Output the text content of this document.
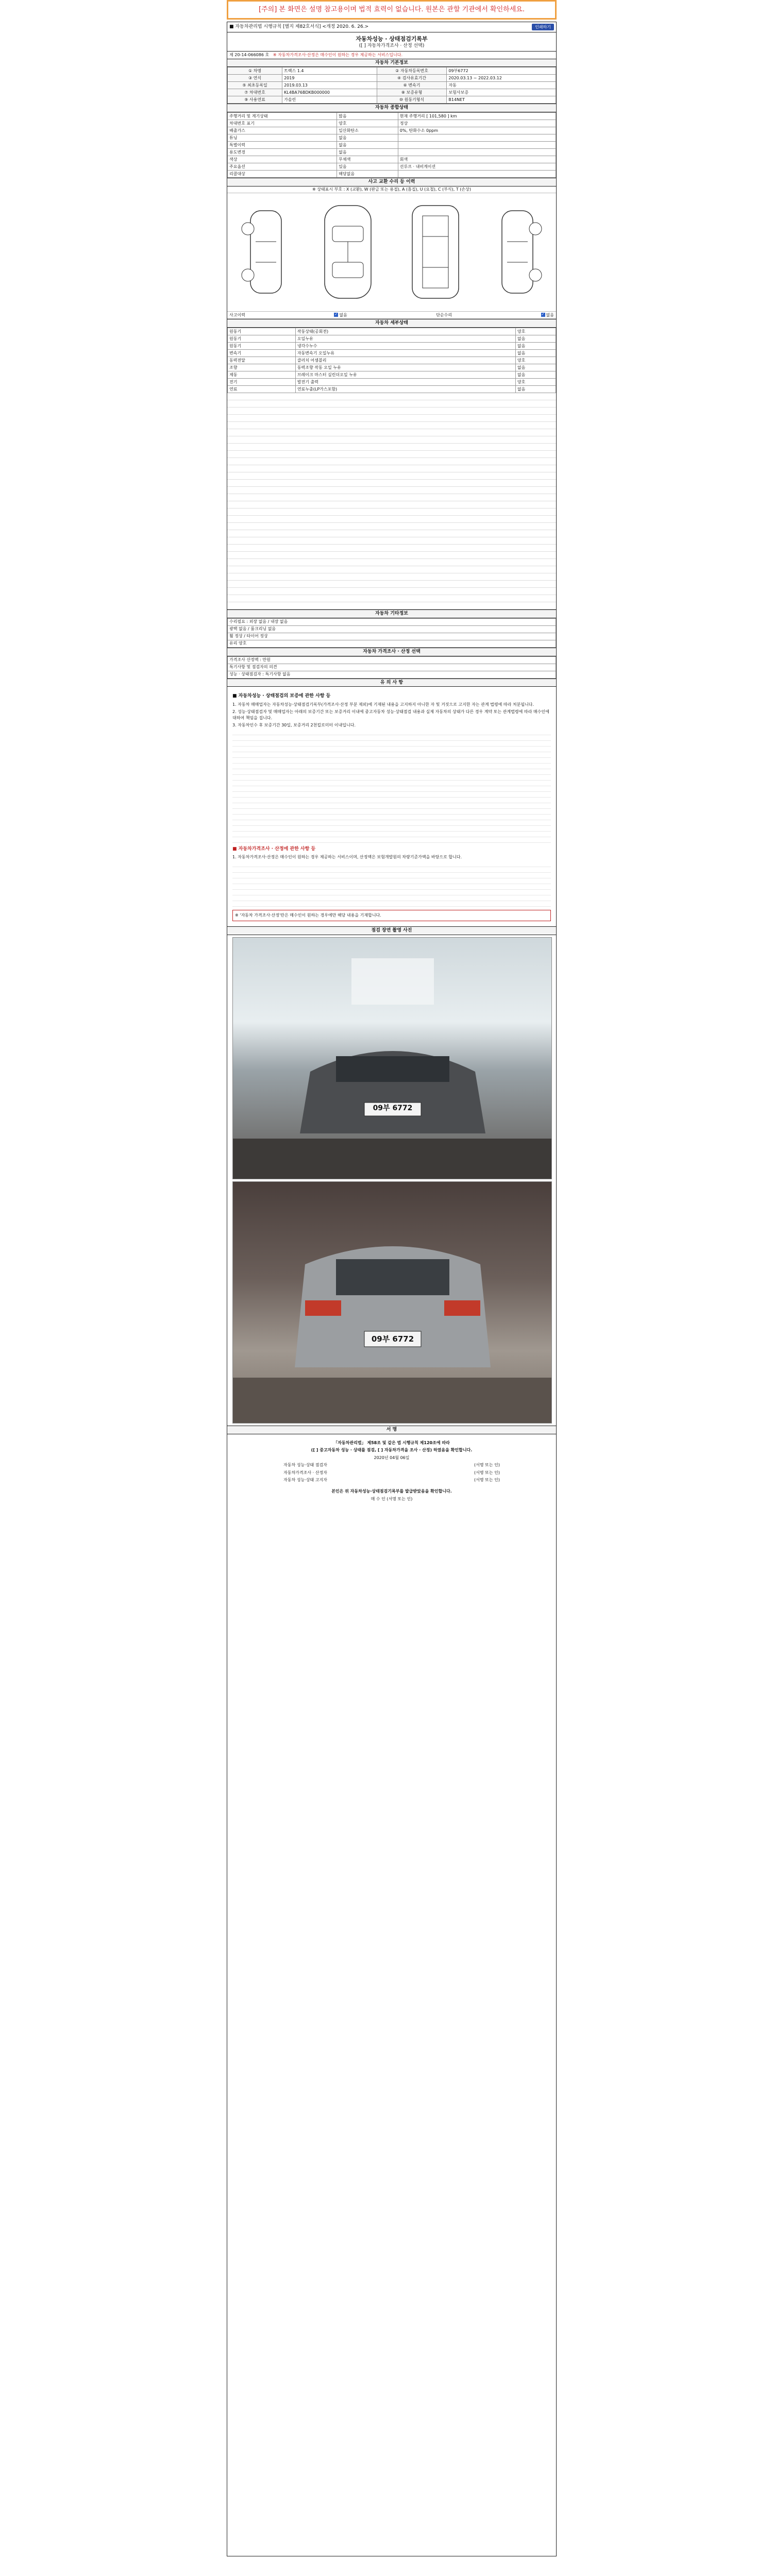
[주의] 본 화면은 설명 참고용이며 법적 효력이 없습니다. 원본은 관할 기관에서 확인하세요.
■ 자동차관리법 시행규칙 [별지 제82호서식] <개정 2020. 6. 26.>	인쇄하기
자동차성능 · 상태점검기록부
([ ] 자동차가격조사 · 산정 선택)
제 20-14-066086 호 ※ 자동차가격조사·산정은 매수인이 원하는 경우 제공하는 서비스입니다.
자동차 기본정보
① 차명	트랙스 1.4	② 자동차등록번호	09부6772
③ 연식	2019	④ 검사유효기간	2020.03.13 ~ 2022.03.12
⑤ 최초등록일	2019.03.13	⑥ 변속기	자동
⑦ 차대번호	KL4BA76BDKB000000	⑧ 보증유형	보험사보증
⑨ 사용연료	가솔린	⑩ 원동기형식	B14NET
자동차 종합상태
주행거리 및 계기상태	많음	현재 주행거리 [ 101,580 ] km
차대번호 표기	양호	정상
배출가스	일산화탄소	0%, 탄화수소 0ppm
튜닝	없음	
특별이력	없음	
용도변경	없음	
색상	무채색	회색
주요옵션	있음	선루프 · 내비게이션
리콜대상	해당없음	
사고 교환 수리 등 이력
※ 상태표시 부호 : X (교환), W (판금 또는 용접), A (흠집), U (요철), C (부식), T (손상)
사고이력 ✓	없음	단순수리 ✓	없음
자동차 세부상태
원동기	작동상태(공회전)	양호
원동기	오일누유	없음
원동기	냉각수누수	없음
변속기	자동변속기 오일누유	없음
동력전달	클러치 어셈블리	양호
조향	동력조향 작동 오일 누유	없음
제동	브레이크 마스터 실린더오일 누유	없음
전기	발전기 출력	양호
연료	연료누출(LP가스포함)	없음
자동차 기타정보
수리필요 : 외장 없음 / 내장 없음
광택 없음 / 룸크리닝 없음
휠 정상 / 타이어 정상
유리 양호
자동차 가격조사 · 산정 선택
가격조사 산정액 : 만원
특기사항 및 점검자의 의견
성능 · 상태점검자 : 특기사항 없음
유 의 사 항
■ 자동차성능 · 상태점검의 보증에 관한 사항 등

1. 자동차 매매업자는 자동차성능·상태점검기록부(가격조사·산정 부분 제외)에 기재된 내용을 고지하지 아니한 자 및 거짓으로 고지한 자는 관계 법령에 따라 처분됩니다.

2. 성능·상태점검자 및 매매업자는 아래의 보증기간 또는 보증거리 이내에 중고자동차 성능·상태점검 내용과 실제 자동차의 상태가 다른 경우 계약 또는 관계법령에 따라 매수인에 대하여 책임을 집니다.

3. 자동차인수 후 보증기간 30일, 보증거리 2천킬로미터 이내입니다.

■ 자동차가격조사 · 산정에 관한 사항 등

1. 자동차가격조사·산정은 매수인이 원하는 경우 제공하는 서비스이며, 산정액은 보험개발원의 차량기준가액을 바탕으로 합니다.

※ '자동차 가격조사·산정'란은 매수인이 원하는 경우에만 해당 내용을 기재합니다.
점검 장면 촬영 사진
09부 6772
09부 6772
서 명
「자동차관리법」 제58조 및 같은 법 시행규칙 제120조에 따라
([ ] 중고자동차 성능 · 상태를 점검, [ ] 자동차가격을 조사 · 산정) 하였음을 확인합니다.
2020년 04월 06일
자동차 성능·상태 점검자	(서명 또는 인)
자동차가격조사 · 산정자	(서명 또는 인)
자동차 성능·상태 고지자	(서명 또는 인)
본인은 위 자동차성능·상태점검기록부를 발급받았음을 확인합니다.
매 수 인 (서명 또는 인)
